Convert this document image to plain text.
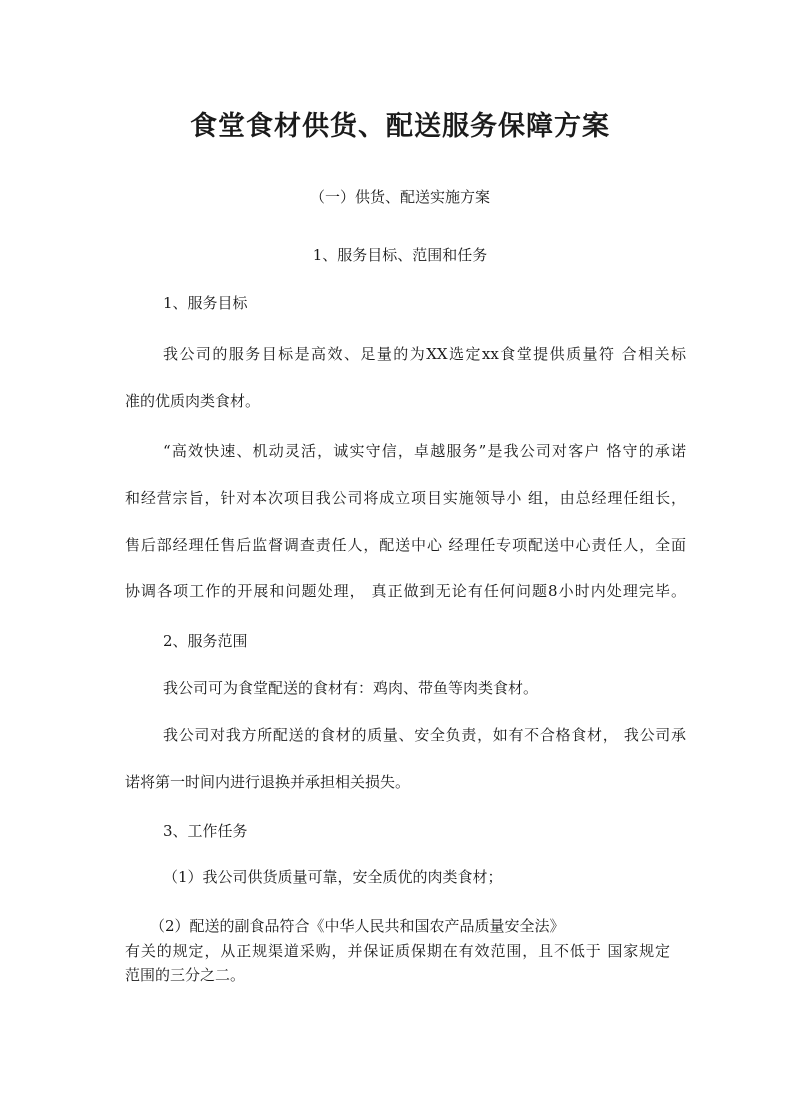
食堂食材供货、配送服务保障方案

（一）供货、配送实施方案

1、服务目标、范围和任务

1、服务目标

我公司的服务目标是高效、足量的为XX选定xx食堂提供质量符 合相关标

准的优质肉类食材。

“高效快速、机动灵活，诚实守信，卓越服务”是我公司对客户 恪守的承诺

和经营宗旨，针对本次项目我公司将成立项目实施领导小 组，由总经理任组长，

售后部经理任售后监督调查责任人，配送中心 经理任专项配送中心责任人，全面

协调各项工作的开展和问题处理， 真正做到无论有任何问题8小时内处理完毕。

2、服务范围

我公司可为食堂配送的食材有：鸡肉、带鱼等肉类食材。

我公司对我方所配送的食材的质量、安全负责，如有不合格食材， 我公司承

诺将第一时间内进行退换并承担相关损失。

3、工作任务

（1）我公司供货质量可靠，安全质优的肉类食材；

（2）配送的副食品符合《中华人民共和国农产品质量安全法》

有关的规定，从正规渠道采购，并保证质保期在有效范围，且不低于 国家规定

范围的三分之二。
